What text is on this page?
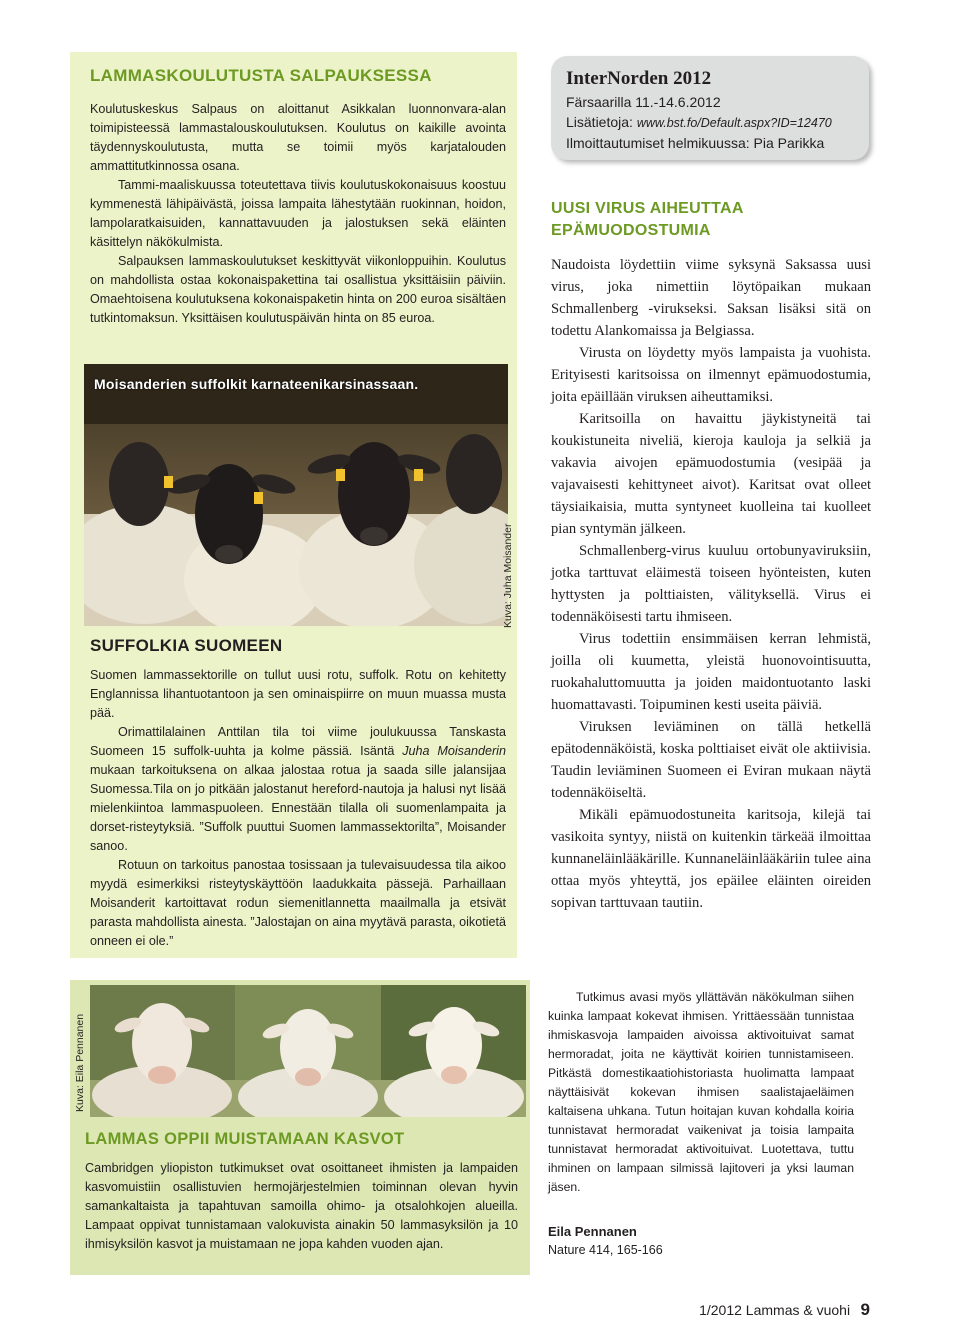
LAMMASKOULUTUSTA SALPAUKSESSA

Koulutuskeskus Salpaus on aloittanut Asikkalan luonnonvara-alan toimipisteessä lammastalouskoulutuksen. Koulutus on kaikille avointa täydennyskoulutusta, mutta se toimii myös karjatalouden ammattitutkinnossa osana.

Tammi-maaliskuussa toteutettava tiivis koulutuskokonaisuus koostuu kymmenestä lähipäivästä, joissa lampaita lähestytään ruokinnan, hoidon, lampolaratkaisuiden, kannattavuuden ja jalostuksen sekä eläinten käsittelyn näkökulmista.

Salpauksen lammaskoulutukset keskittyvät viikonloppuihin. Koulutus on mahdollista ostaa kokonaispakettina tai osallistua yksittäisiin päiviin. Omaehtoisena koulutuksena kokonaispaketin hinta on 200 euroa sisältäen tutkintomaksun. Yksittäisen koulutuspäivän hinta on 85 euroa.

Moisanderien suffolkit karnateenikarsinassaan.
Kuva: Juha Moisander
SUFFOLKIA SUOMEEN

Suomen lammassektorille on tullut uusi rotu, suffolk. Rotu on kehitetty Englannissa lihantuotantoon ja sen ominaispiirre on muun muassa musta pää.

Orimattilalainen Anttilan tila toi viime joulukuussa Tanskasta Suomeen 15 suffolk-uuhta ja kolme pässiä. Isäntä Juha Moisanderin mukaan tarkoituksena on alkaa jalostaa rotua ja saada sille jalansijaa Suomessa.Tila on jo pitkään jalostanut hereford-nautoja ja halusi nyt lisää mielenkiintoa lammaspuoleen. Ennestään tilalla oli suomenlampaita ja dorset-risteytyksiä. ”Suffolk puuttui Suomen lammassektorilta”, Moisander sanoo.

Rotuun on tarkoitus panostaa tosissaan ja tulevaisuudessa tila aikoo myydä esimerkiksi risteytyskäyttöön laadukkaita pässejä. Parhaillaan Moisanderit kartoittavat rodun siemenitlannetta maailmalla ja etsivät parasta mahdollista ainesta. ”Jalostajan on aina myytävä parasta, oikotietä onneen ei ole.”

InterNorden 2012
Färsaarilla 11.-14.6.2012
Lisätietoja: www.bst.fo/Default.aspx?ID=12470
Ilmoittautumiset helmikuussa: Pia Parikka
UUSI VIRUS AIHEUTTAA
EPÄMUODOSTUMIA

Naudoista löydettiin viime syksynä Saksassa uusi virus, joka nimettiin löytöpaikan mukaan Schmallenberg -virukseksi. Saksan lisäksi sitä on todettu Alankomaissa ja Belgiassa.

Virusta on löydetty myös lampaista ja vuohista. Erityisesti karitsoissa on ilmennyt epämuodostumia, joita epäillään viruksen aiheuttamiksi.

Karitsoilla on havaittu jäykistyneitä tai koukistuneita niveliä, kieroja kauloja ja selkiä ja vakavia aivojen epämuodostumia (vesipää ja vajavaisesti kehittyneet aivot). Karitsat ovat olleet täysiaikaisia, mutta syntyneet kuolleina tai kuolleet pian syntymän jälkeen.

Schmallenberg-virus kuuluu ortobunyaviruksiin, jotka tarttuvat eläimestä toiseen hyönteisten, kuten hyttysten ja polttiaisten, välityksellä. Virus ei todennäköisesti tartu ihmiseen.

Virus todettiin ensimmäisen kerran lehmistä, joilla oli kuumetta, yleistä huonovointisuutta, ruokahaluttomuutta ja joiden maidontuotanto laski huomattavasti. Toipuminen kesti useita päiviä.

Viruksen leviäminen on tällä hetkellä epätodennäköistä, koska polttiaiset eivät ole aktiivisia. Taudin leviäminen Suomeen ei Eviran mukaan näytä todennäköiseltä.

Mikäli epämuodostuneita karitsoja, kilejä tai vasikoita syntyy, niistä on kuitenkin tärkeää ilmoittaa kunnaneläinlääkärille. Kunnaneläinlääkäriin tulee aina ottaa myös yhteyttä, jos epäilee eläinten oireiden sopivan tarttuvaan tautiin.

Kuva: Eila Pennanen
LAMMAS OPPII MUISTAMAAN KASVOT

Cambridgen yliopiston tutkimukset ovat osoittaneet ihmisten ja lampaiden kasvomuistiin osallistuvien hermojärjestelmien toiminnan olevan hyvin samankaltaista ja tapahtuvan samoilla ohimo- ja otsalohkojen alueilla. Lampaat oppivat tunnistamaan valokuvista ainakin 50 lammasyksilön ja 10 ihmisyksilön kasvot ja muistamaan ne jopa kahden vuoden ajan.

Tutkimus avasi myös yllättävän näkökulman siihen kuinka lampaat kokevat ihmisen. Yrittäessään tunnistaa ihmiskasvoja lampaiden aivoissa aktivoituivat samat hermoradat, joita ne käyttivät koirien tunnistamiseen. Pitkästä domestikaatiohistoriasta huolimatta lampaat näyttäisivät kokevan ihmisen saalistajaeläimen kaltaisena uhkana. Tutun hoitajan kuvan kohdalla koiria tunnistavat hermoradat vaikenivat ja toisia lampaita tunnistavat hermoradat aktivoituivat. Luotettava, tuttu ihminen on lampaan silmissä lajitoveri ja yksi lauman jäsen.

Eila Pennanen
Nature 414, 165-166
1/2012 Lammas & vuohi 9
